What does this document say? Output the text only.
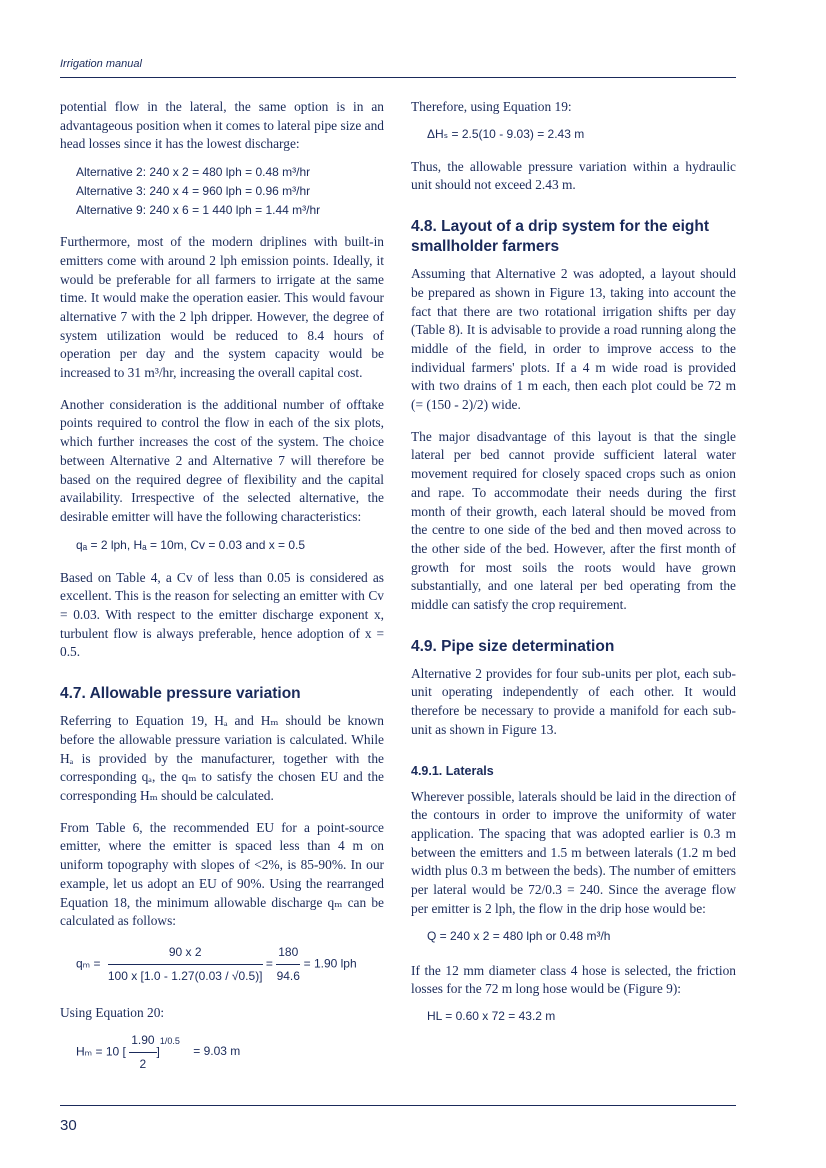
Irrigation manual

potential flow in the lateral, the same option is in an advantageous position when it comes to lateral pipe size and head losses since it has the lowest discharge:

Alternative 2: 240 x 2 = 480 lph = 0.48 m³/hr
Alternative 3: 240 x 4 = 960 lph = 0.96 m³/hr
Alternative 9: 240 x 6 = 1 440 lph = 1.44 m³/hr

Furthermore, most of the modern driplines with built-in emitters come with around 2 lph emission points. Ideally, it would be preferable for all farmers to irrigate at the same time. It would make the operation easier. This would favour alternative 7 with the 2 lph dripper. However, the degree of system utilization would be reduced to 8.4 hours of operation per day and the system capacity would be increased to 31 m³/hr, increasing the overall capital cost.

Another consideration is the additional number of offtake points required to control the flow in each of the six plots, which further increases the cost of the system. The choice between Alternative 2 and Alternative 7 will therefore be based on the required degree of flexibility and the capital availability. Irrespective of the selected alternative, the desirable emitter will have the following characteristics:

qₐ = 2 lph, Hₐ = 10m, Cv = 0.03 and x = 0.5

Based on Table 4, a Cv of less than 0.05 is considered as excellent. This is the reason for selecting an emitter with Cv = 0.03. With respect to the emitter discharge exponent x, turbulent flow is always preferable, hence adoption of x = 0.5.

4.7. Allowable pressure variation

Referring to Equation 19, Hₐ and Hₘ should be known before the allowable pressure variation is calculated. While Hₐ is provided by the manufacturer, together with the corresponding qₐ, the qₘ to satisfy the chosen EU and the corresponding Hₘ should be calculated.

From Table 6, the recommended EU for a point-source emitter, where the emitter is spaced less than 4 m on uniform topography with slopes of <2%, is 85-90%. In our example, let us adopt an EU of 90%. Using the rearranged Equation 18, the minimum allowable discharge qₘ can be calculated as follows:

$q_m = \frac{90 x 2}{100 x [1.0 - 1.27(0.03 / √0.5)]} = \frac{180}{94.6} = 1.90$ lph

Using Equation 20:

Hₘ = 10 [ $\frac{1.90}{2} ]^{1/0.5} = 9.03$ m

Therefore, using Equation 19:

ΔHₛ = 2.5(10 - 9.03) = 2.43 m

Thus, the allowable pressure variation within a hydraulic unit should not exceed 2.43 m.

4.8. Layout of a drip system for the eight smallholder farmers

Assuming that Alternative 2 was adopted, a layout should be prepared as shown in Figure 13, taking into account the fact that there are two rotational irrigation shifts per day (Table 8). It is advisable to provide a road running along the middle of the field, in order to improve access to the individual farmers' plots. If a 4 m wide road is provided with two drains of 1 m each, then each plot could be 72 m (= (150 - 2)/2) wide.

The major disadvantage of this layout is that the single lateral per bed cannot provide sufficient lateral water movement required for closely spaced crops such as onion and rape. To accommodate their needs during the first month of their growth, each lateral should be moved from the centre to one side of the bed and then moved across to the other side of the bed. However, after the first month of growth for most soils the roots would have grown substantially, and one lateral per bed operating from the middle can satisfy the crop requirement.

4.9. Pipe size determination

Alternative 2 provides for four sub-units per plot, each sub-unit operating independently of each other. It would therefore be necessary to provide a manifold for each sub-unit as shown in Figure 13.

4.9.1. Laterals

Wherever possible, laterals should be laid in the direction of the contours in order to improve the uniformity of water application. The spacing that was adopted earlier is 0.3 m between the emitters and 1.5 m between laterals (1.2 m bed width plus 0.3 m between the beds). The number of emitters per lateral would be 72/0.3 = 240. Since the average flow per emitter is 2 lph, the flow in the drip hose would be:

Q = 240 x 2 = 480 lph or 0.48 m³/h

If the 12 mm diameter class 4 hose is selected, the friction losses for the 72 m long hose would be (Figure 9):

HL = 0.60 x 72 = 43.2 m
30
